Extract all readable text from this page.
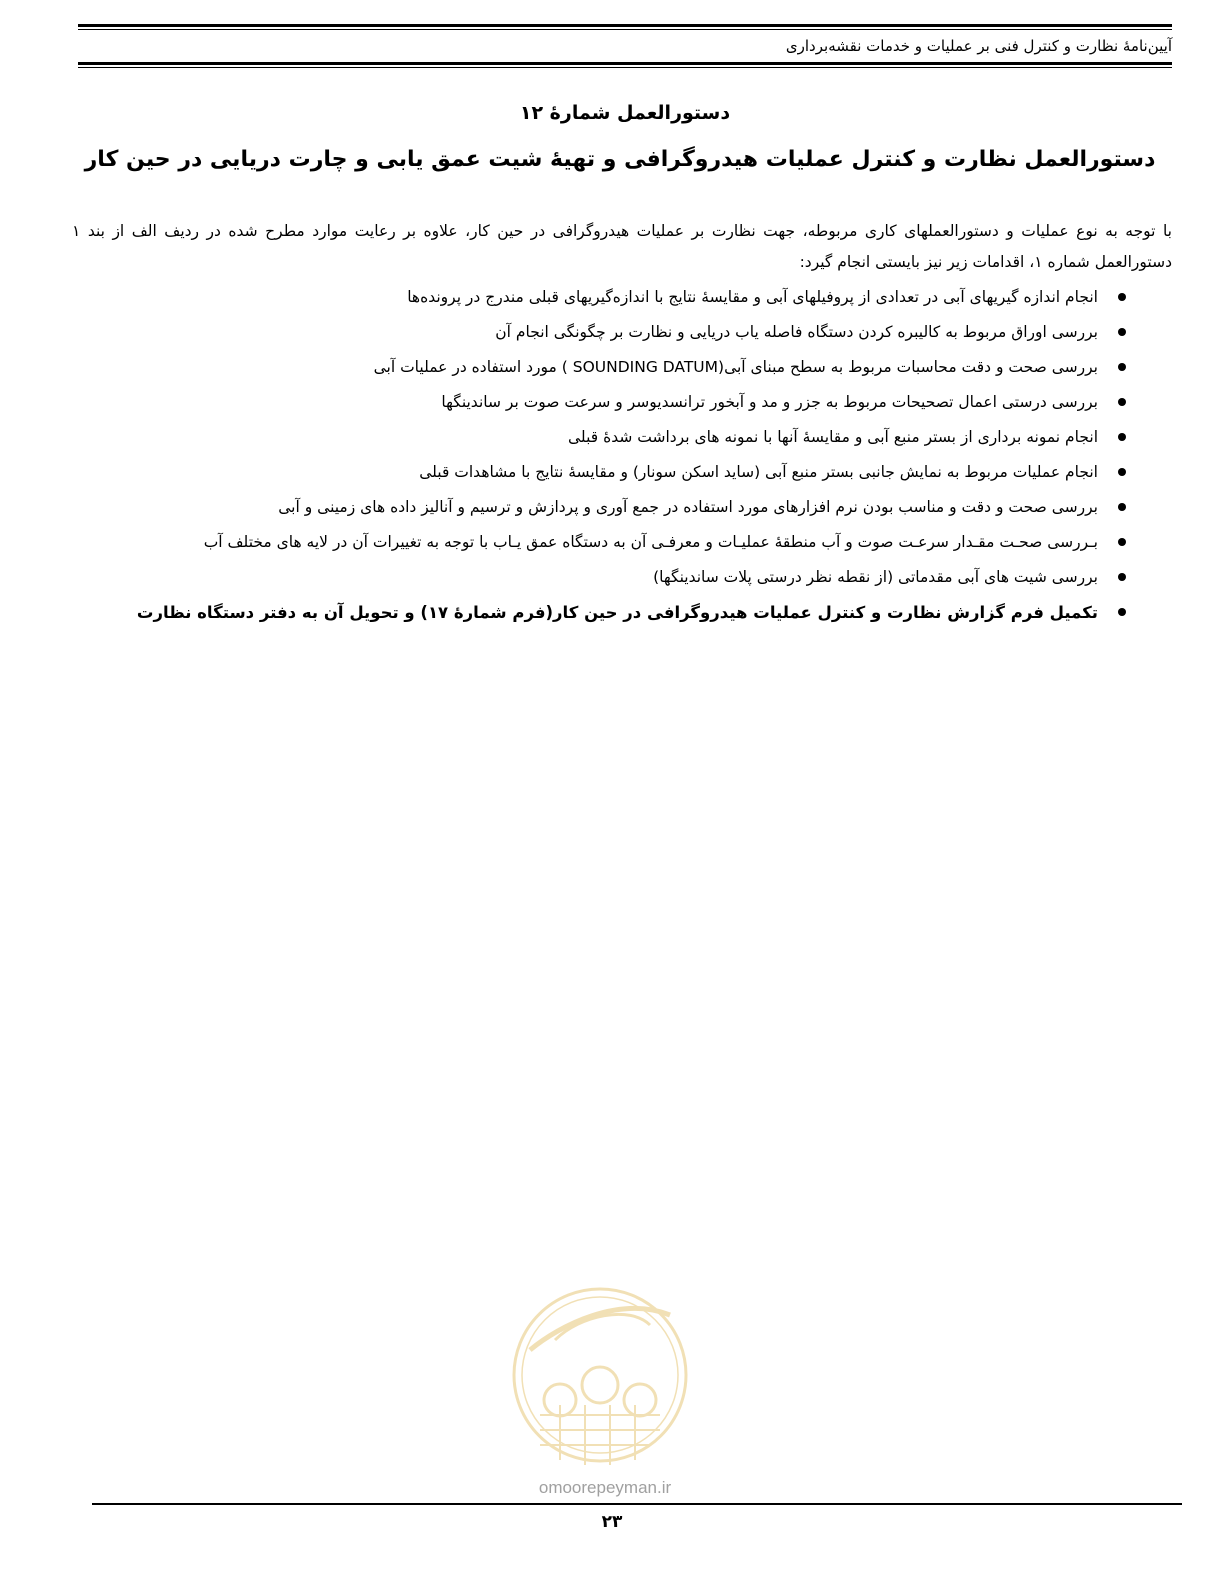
آیین‌نامهٔ نظارت و کنترل فنی بر عملیات و خدمات نقشه‌برداری
دستورالعمل شمارهٔ ۱۲
دستورالعمل نظارت و کنترل عملیات هیدروگرافی و تهیهٔ شیت عمق یابی و چارت دریایی در حین کار

با توجه به نوع عملیات و دستورالعملهای کاری مربوطه، جهت نظارت بر عملیات هیدروگرافی در حین کار، علاوه بر رعایت موارد مطرح شده در ردیف الف از بند ۱ دستورالعمل شماره ۱، اقدامات زیر نیز بایستی انجام گیرد:

انجام اندازه گیریهای آبی در تعدادی از پروفیلهای آبی و مقایسهٔ نتایج با اندازه‌گیریهای قبلی مندرج در پرونده‌ها
بررسی اوراق مربوط به کالیبره کردن دستگاه فاصله یاب دریایی و نظارت بر چگونگی انجام آن
بررسی صحت و دقت محاسبات مربوط به سطح مبنای آبی(SOUNDING DATUM ) مورد استفاده در عملیات آبی
بررسی درستی اعمال تصحیحات مربوط به جزر و مد و آبخور ترانسدیوسر و سرعت صوت بر ساندینگها
انجام نمونه برداری از بستر منبع آبی و مقایسهٔ آنها با نمونه های برداشت شدهٔ قبلی
انجام عملیات مربوط به نمایش جانبی بستر منبع آبی (ساید اسکن سونار) و مقایسهٔ نتایج با مشاهدات قبلی
بررسی صحت و دقت و مناسب بودن نرم افزارهای مورد استفاده در جمع آوری و پردازش و ترسیم و آنالیز داده های زمینی و آبی
بـررسی صحـت مقـدار سرعـت صوت و آب منطقهٔ عملیـات و معرفـی آن به دستگاه عمق یـاب با توجه به تغییرات آن در لایه های مختلف آب
بررسی شیت های آبی مقدماتی (از نقطه نظر درستی پلات ساندینگها)
تکمیل فرم گزارش نظارت و کنترل عملیات هیدروگرافی در حین کار(فرم شمارهٔ ۱۷) و تحویل آن به دفتر دستگاه نظارت
omoorepeyman.ir
۲۳
